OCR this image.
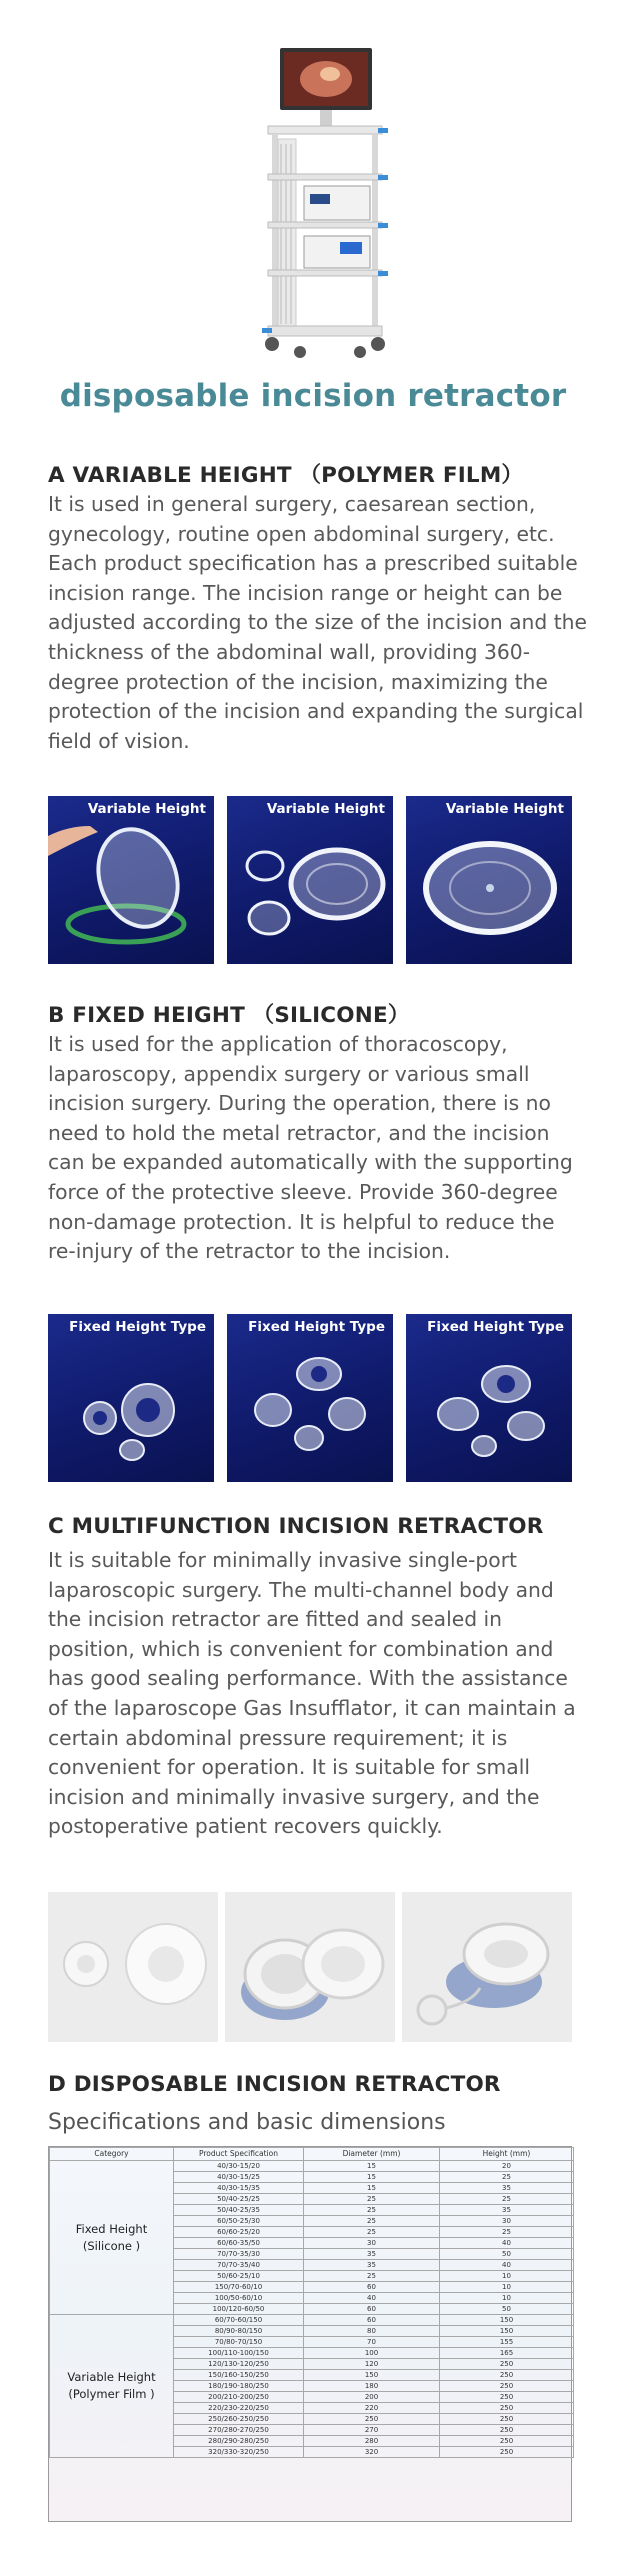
disposable incision retractor
A VARIABLE HEIGHT （POLYMER FILM）
It is used in general surgery, caesarean section, gynecology, routine open abdominal surgery, etc. Each product specification has a prescribed suitable incision range. The incision range or height can be adjusted according to the size of the incision and the thickness of the abdominal wall, providing 360-degree protection of the incision, maximizing the protection of the incision and expanding the surgical field of vision.
Variable Height	Variable Height	Variable Height
B FIXED HEIGHT （SILICONE）
It is used for the application of thoracoscopy, laparoscopy, appendix surgery or various small incision surgery. During the operation, there is no need to hold the metal retractor, and the incision can be expanded automatically with the supporting force of the protective sleeve. Provide 360-degree non-damage protection. It is helpful to reduce the re-injury of the retractor to the incision.
Fixed Height Type	Fixed Height Type	Fixed Height Type
C MULTIFUNCTION INCISION RETRACTOR
It is suitable for minimally invasive single-port laparoscopic surgery. The multi-channel body and the incision retractor are fitted and sealed in position, which is convenient for combination and has good sealing performance. With the assistance of the laparoscope Gas Insufflator, it can maintain a certain abdominal pressure requirement; it is convenient for operation. It is suitable for small incision and minimally invasive surgery, and the postoperative patient recovers quickly.
D DISPOSABLE INCISION RETRACTOR
Specifications and basic dimensions
Category	Product Specification	Diameter (mm)	Height (mm)
Fixed Height
(Silicone )	40/30-15/20	15	20
	40/30-15/25	15	25
	40/30-15/35	15	35
	50/40-25/25	25	25
	50/40-25/35	25	35
	60/50-25/30	25	30
	60/60-25/20	25	25
	60/60-35/50	30	40
	70/70-35/30	35	50
	70/70-35/40	35	40
	50/60-25/10	25	10
	150/70-60/10	60	10
	100/50-60/10	40	10
	100/120-60/50	60	50
Variable Height
(Polymer Film )	60/70-60/150	60	150
	80/90-80/150	80	150
	70/80-70/150	70	155
	100/110-100/150	100	165
	120/130-120/250	120	250
	150/160-150/250	150	250
	180/190-180/250	180	250
	200/210-200/250	200	250
	220/230-220/250	220	250
	250/260-250/250	250	250
	270/280-270/250	270	250
	280/290-280/250	280	250
	320/330-320/250	320	250
